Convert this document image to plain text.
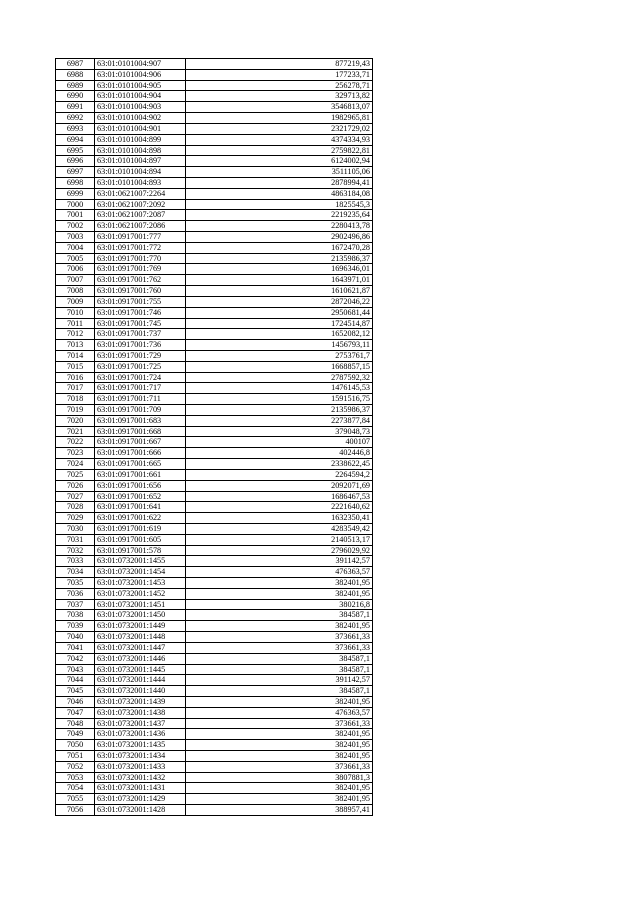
6987	63:01:0101004:907	877219,43
6988	63:01:0101004:906	177233,71
6989	63:01:0101004:905	256278,71
6990	63:01:0101004:904	329713,82
6991	63:01:0101004:903	3546813,07
6992	63:01:0101004:902	1982965,81
6993	63:01:0101004:901	2321729,02
6994	63:01:0101004:899	4374334,93
6995	63:01:0101004:898	2759822,81
6996	63:01:0101004:897	6124002,94
6997	63:01:0101004:894	3511105,06
6998	63:01:0101004:893	2878994,41
6999	63:01:0621007:2264	4863184,08
7000	63:01:0621007:2092	1825545,3
7001	63:01:0621007:2087	2219235,64
7002	63:01:0621007:2086	2280413,78
7003	63:01:0917001:777	2902496,86
7004	63:01:0917001:772	1672470,28
7005	63:01:0917001:770	2135986,37
7006	63:01:0917001:769	1696346,01
7007	63:01:0917001:762	1643971,01
7008	63:01:0917001:760	1610621,87
7009	63:01:0917001:755	2872046,22
7010	63:01:0917001:746	2950681,44
7011	63:01:0917001:745	1724514,87
7012	63:01:0917001:737	1652082,12
7013	63:01:0917001:736	1456793,11
7014	63:01:0917001:729	2753761,7
7015	63:01:0917001:725	1668857,15
7016	63:01:0917001:724	2787592,32
7017	63:01:0917001:717	1476145,53
7018	63:01:0917001:711	1591516,75
7019	63:01:0917001:709	2135986,37
7020	63:01:0917001:683	2273877,84
7021	63:01:0917001:668	379048,73
7022	63:01:0917001:667	400107
7023	63:01:0917001:666	402446,8
7024	63:01:0917001:665	2338622,45
7025	63:01:0917001:661	2264594,2
7026	63:01:0917001:656	2092071,69
7027	63:01:0917001:652	1686467,53
7028	63:01:0917001:641	2221640,62
7029	63:01:0917001:622	1632350,41
7030	63:01:0917001:619	4283549,42
7031	63:01:0917001:605	2140513,17
7032	63:01:0917001:578	2796029,92
7033	63:01:0732001:1455	391142,57
7034	63:01:0732001:1454	476363,57
7035	63:01:0732001:1453	382401,95
7036	63:01:0732001:1452	382401,95
7037	63:01:0732001:1451	380216,8
7038	63:01:0732001:1450	384587,1
7039	63:01:0732001:1449	382401,95
7040	63:01:0732001:1448	373661,33
7041	63:01:0732001:1447	373661,33
7042	63:01:0732001:1446	384587,1
7043	63:01:0732001:1445	384587,1
7044	63:01:0732001:1444	391142,57
7045	63:01:0732001:1440	384587,1
7046	63:01:0732001:1439	382401,95
7047	63:01:0732001:1438	476363,57
7048	63:01:0732001:1437	373661,33
7049	63:01:0732001:1436	382401,95
7050	63:01:0732001:1435	382401,95
7051	63:01:0732001:1434	382401,95
7052	63:01:0732001:1433	373661,33
7053	63:01:0732001:1432	3807881,3
7054	63:01:0732001:1431	382401,95
7055	63:01:0732001:1429	382401,95
7056	63:01:0732001:1428	388957,41
